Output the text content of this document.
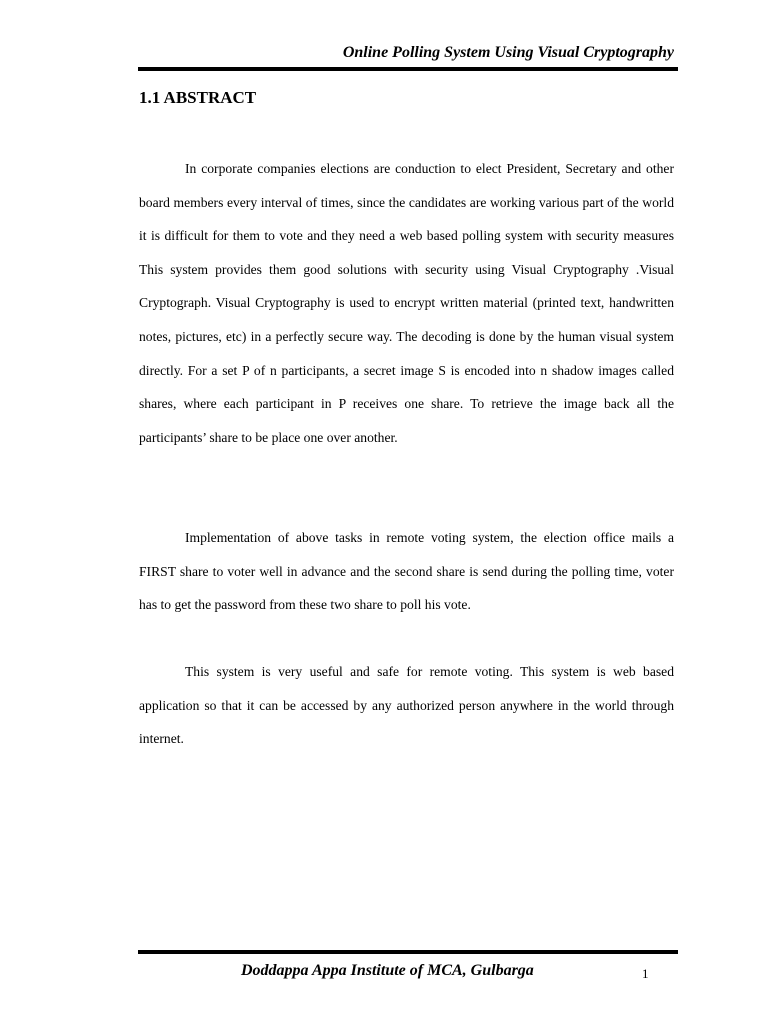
Online Polling System Using Visual Cryptography
1.1 ABSTRACT

In corporate companies elections are conduction to elect President, Secretary and other board members every interval of times, since the candidates are working various part of the world it is difficult for them to vote and they need a web based polling system with security measures This system provides them good solutions with security using Visual Cryptography .Visual Cryptograph. Visual Cryptography is used to encrypt written material (printed text, handwritten notes, pictures, etc) in a perfectly secure way. The decoding is done by the human visual system directly. For a set P of n participants, a secret image S is encoded into n shadow images called shares, where each participant in P receives one share. To retrieve the image back all the participants’ share to be place one over another.

Implementation of above tasks in remote voting system, the election office mails a FIRST share to voter well in advance and the second share is send during the polling time, voter has to get the password from these two share to poll his vote.

This system is very useful and safe for remote voting. This system is web based application so that it can be accessed by any authorized person anywhere in the world through internet.

Doddappa Appa Institute of MCA, Gulbarga	1
